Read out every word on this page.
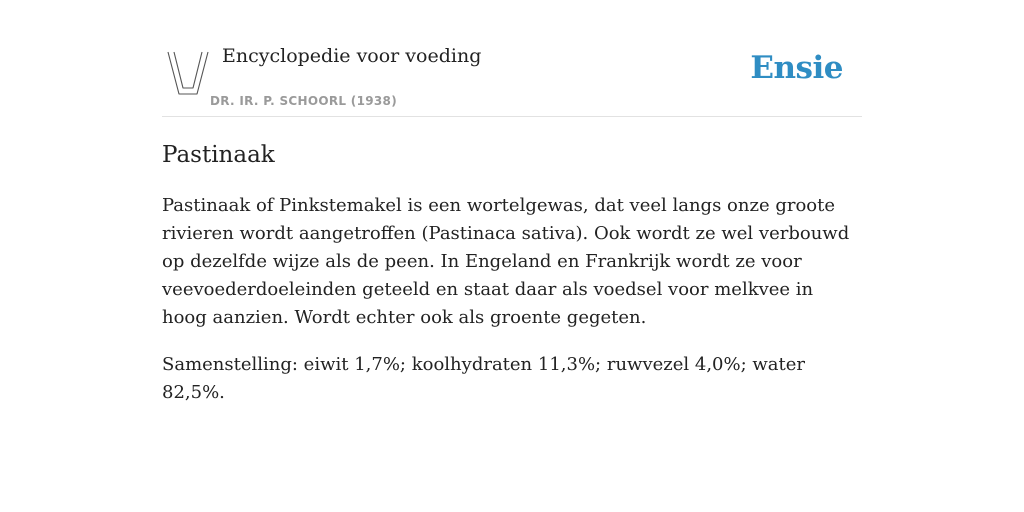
Encyclopedie voor voeding
DR. IR. P. SCHOORL (1938)
Ensie
Pastinaak

Pastinaak of Pinkstemakel is een wortelgewas, dat veel langs onze groote rivieren wordt aangetroffen (Pastinaca sativa). Ook wordt ze wel verbouwd op dezelfde wijze als de peen. In Engeland en Frankrijk wordt ze voor veevoederdoeleinden geteeld en staat daar als voedsel voor melkvee in hoog aanzien. Wordt echter ook als groente gegeten.

Samenstelling: eiwit 1,7%; koolhydraten 11,3%; ruwvezel 4,0%; water 82,5%.
